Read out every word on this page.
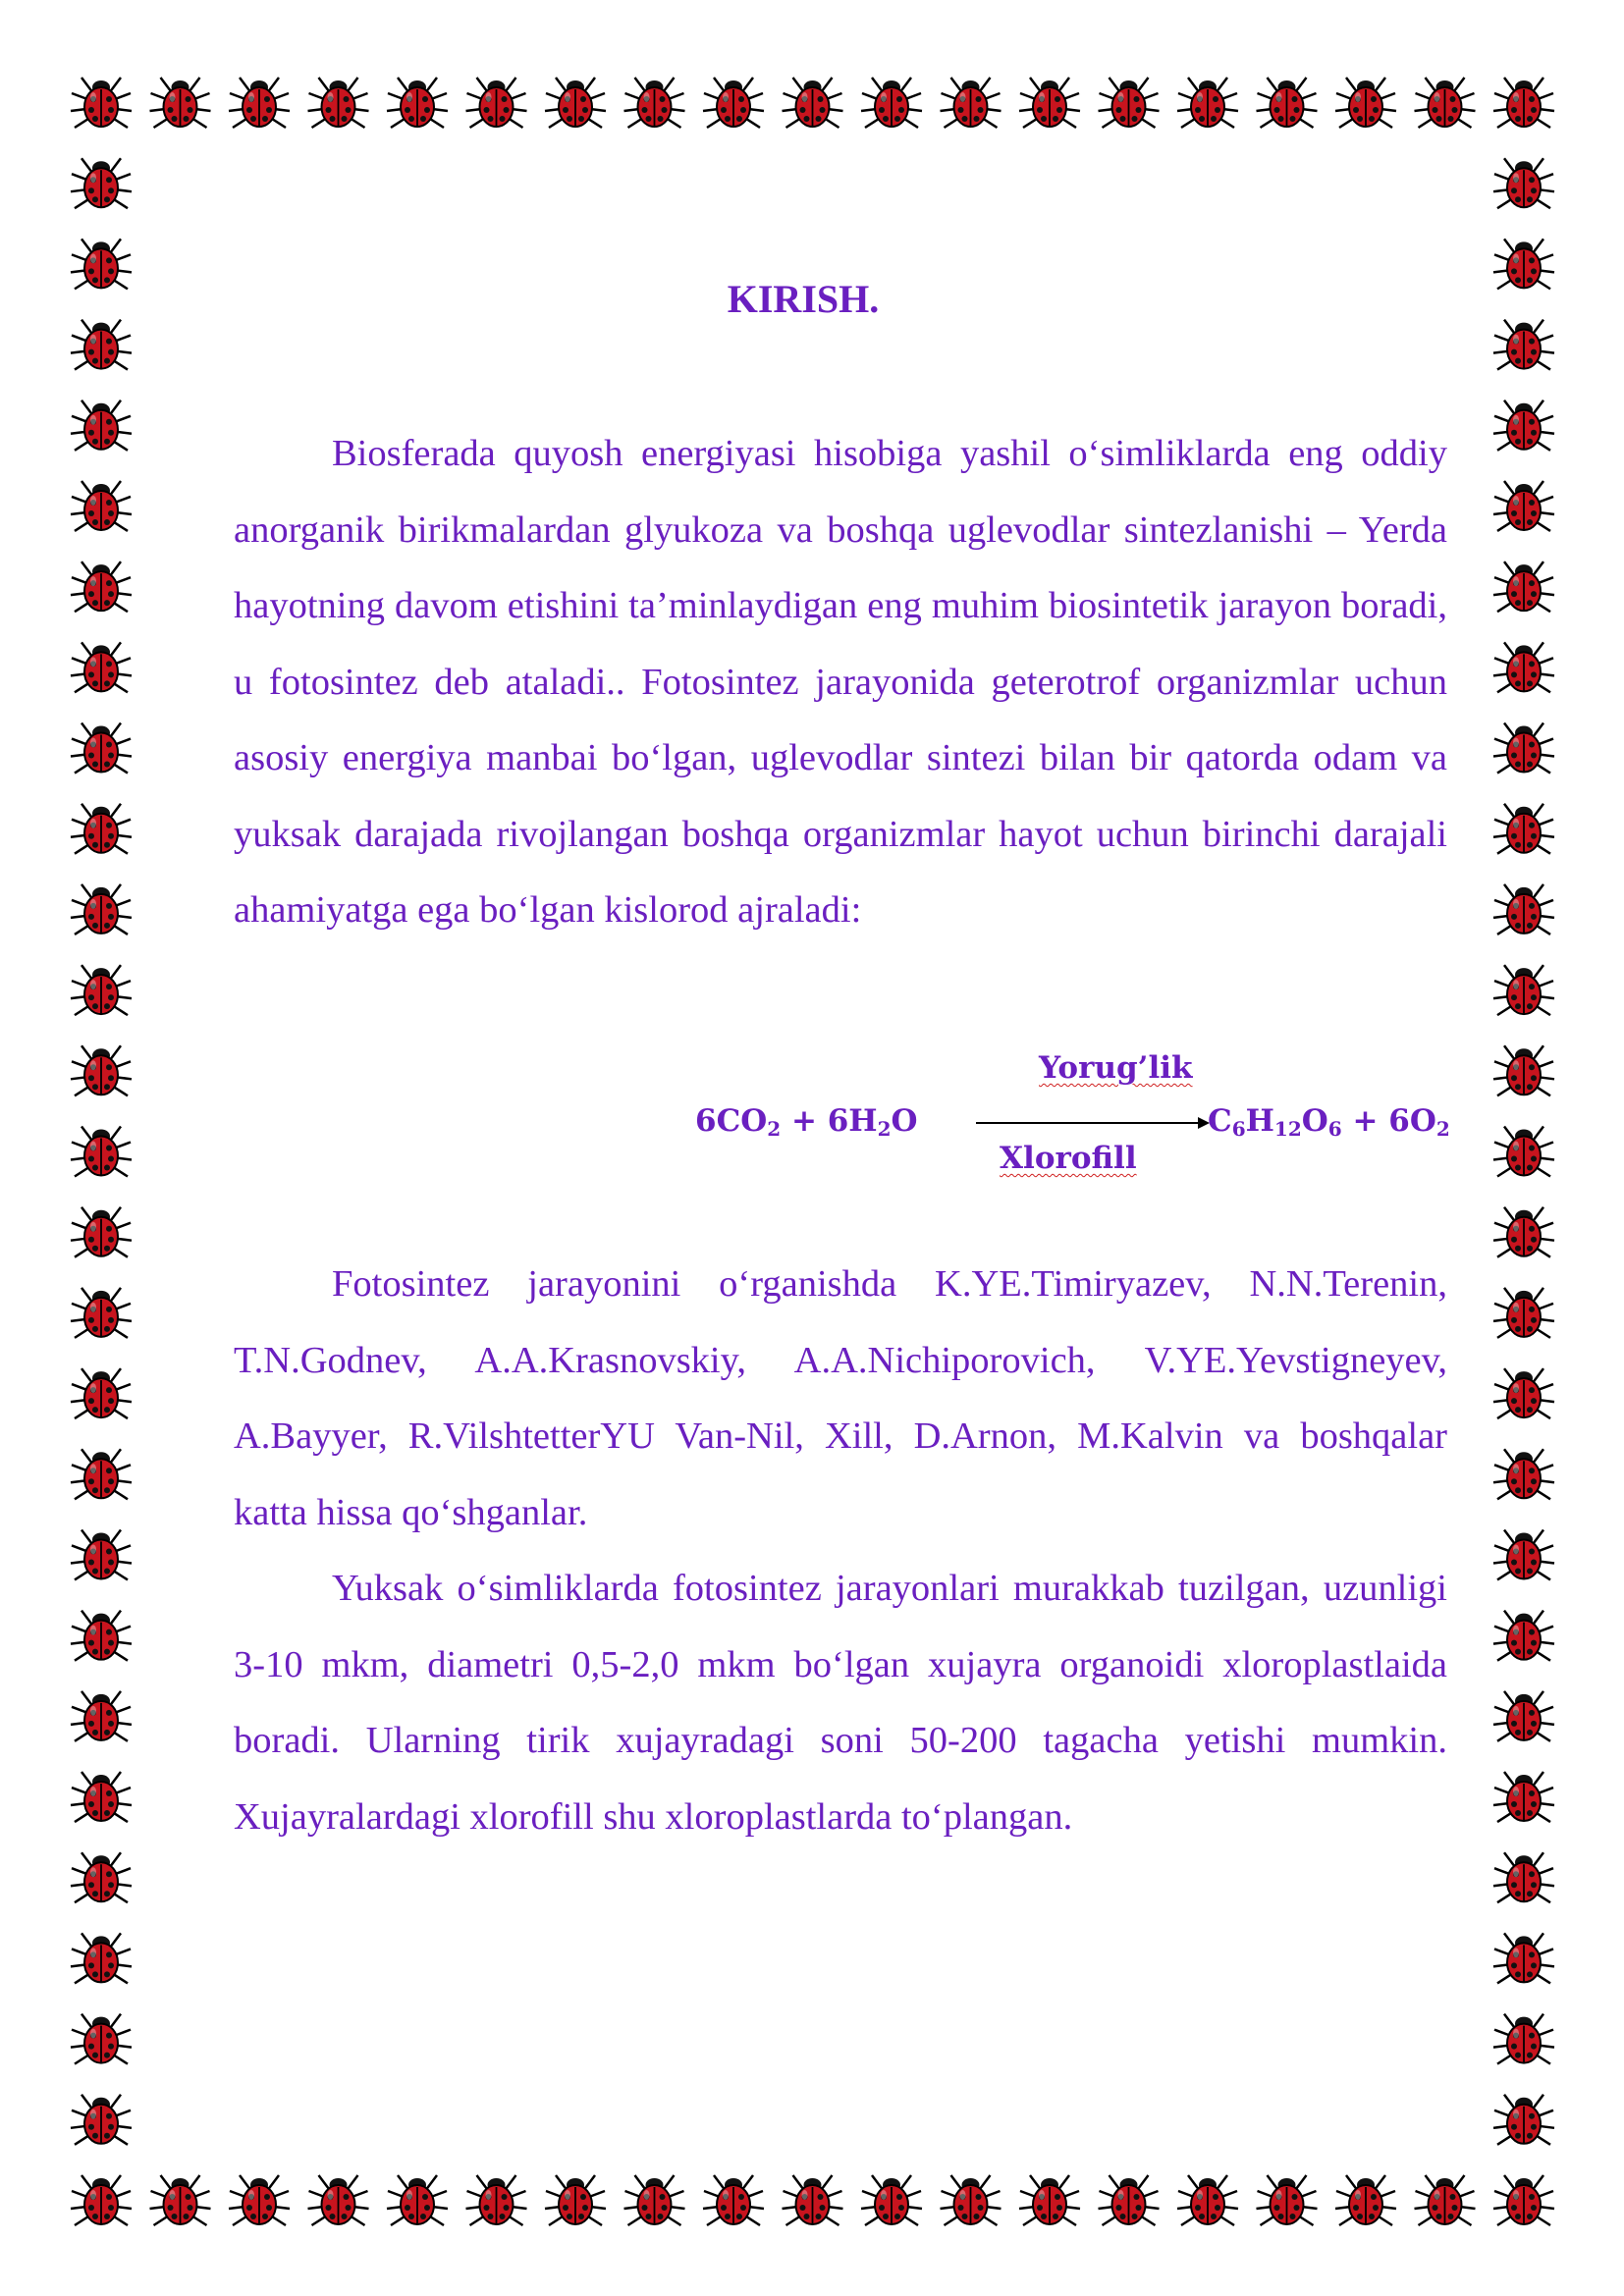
KIRISH.

Biosferada quyosh energiyasi hisobiga yashil o‘simliklarda eng oddiy anorganik birikmalardan glyukoza va boshqa uglevodlar sintezlanishi – Yerda hayotning davom etishini ta’minlaydigan eng muhim biosintetik jarayon boradi, u fotosintez deb ataladi.. Fotosintez jarayonida geterotrof organizmlar uchun asosiy energiya manbai bo‘lgan, uglevodlar sintezi bilan bir qatorda odam va yuksak darajada rivojlangan boshqa organizmlar hayot uchun birinchi darajali ahamiyatga ega bo‘lgan kislorod ajraladi:

Yorug’lik
$6CO_2 + 6H_2O$	$C_6H_{12}O_6 + 6O_2$
Xlorofill

Fotosintez jarayonini o‘rganishda K.YE.Timiryazev, N.N.Terenin, T.N.Godnev, A.A.Krasnovskiy, A.A.Nichiporovich, V.YE.Yevstigneyev, A.Bayyer, R.VilshtetterYU Van-Nil, Xill, D.Arnon, M.Kalvin va boshqalar katta hissa qo‘shganlar.

Yuksak o‘simliklarda fotosintez jarayonlari murakkab tuzilgan, uzunligi 3-10 mkm, diametri 0,5-2,0 mkm bo‘lgan xujayra organoidi xloroplastlaida boradi. Ularning tirik xujayradagi soni 50-200 tagacha yetishi mumkin. Xujayralardagi xlorofill shu xloroplastlarda to‘plangan.
